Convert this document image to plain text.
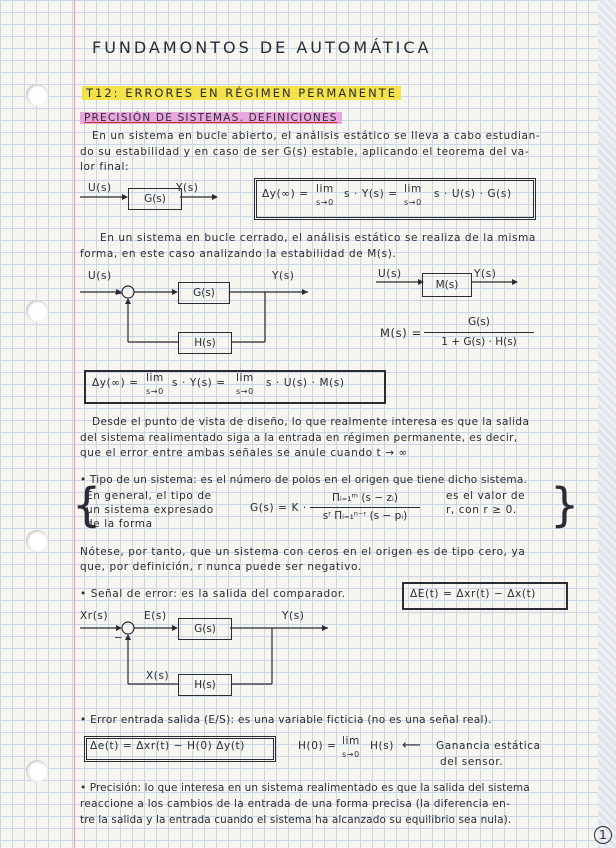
FUNDAMONTOS DE AUTOMÁTICA
T12: ERRORES EN RÉGIMEN PERMANENTE
PRECISIÓN DE SISTEMAS. DEFINICIONES
En un sistema en bucle abierto, el análisis estático se lleva a cabo estudian-
do su estabilidad y en caso de ser G(s) estable, aplicando el teorema del va-
lor final:
U(s)
G(s)
Y(s)	Δy(∞) = lim
s→0
s · Y(s) = lim
s→0
s · U(s) · G(s)
En un sistema en bucle cerrado, el análisis estático se realiza de la misma
forma, en este caso analizando la estabilidad de M(s).
U(s)
−	G(s)
Y(s)
H(s)
U(s)
M(s)
Y(s)
M(s) =
G(s)
1 + G(s) · H(s)
Δy(∞) = lim
s→0
s · Y(s) = lim
s→0
s · U(s) · M(s)
Desde el punto de vista de diseño, lo que realmente interesa es que la salida
del sistema realimentado siga a la entrada en régimen permanente, es decir,
que el error entre ambas señales se anule cuando t → ∞
• Tipo de un sistema: es el número de polos en el origen que tiene dicho sistema.
{
En general, el tipo de
un sistema expresado
de la forma
G(s) = K ·
Πᵢ₌₁ᵐ (s − zᵢ)
sʳ Πᵢ₌₁ⁿ⁻ʳ (s − pᵢ)
es el valor de
r, con r ≥ 0. }
Nótese, por tanto, que un sistema con ceros en el origen es de tipo cero, ya
que, por definición, r nunca puede ser negativo.
• Señal de error: es la salida del comparador.	ΔE(t) = Δxr(t) − Δx(t)
Xr(s)	E(s)
−
G(s)
Y(s)
X(s)
H(s)
• Error entrada salida (E/S): es una variable ficticia (no es una señal real).
Δe(t) = Δxr(t) − H(0) Δy(t)	H(0) = lim
s→0
H(s) ⟵ Ganancia estática
del sensor.
• Precisión: lo que interesa en un sistema realimentado es que la salida del sistema
reaccione a los cambios de la entrada de una forma precisa (la diferencia en-
tre la salida y la entrada cuando el sistema ha alcanzado su equilibrio sea nula).
1
